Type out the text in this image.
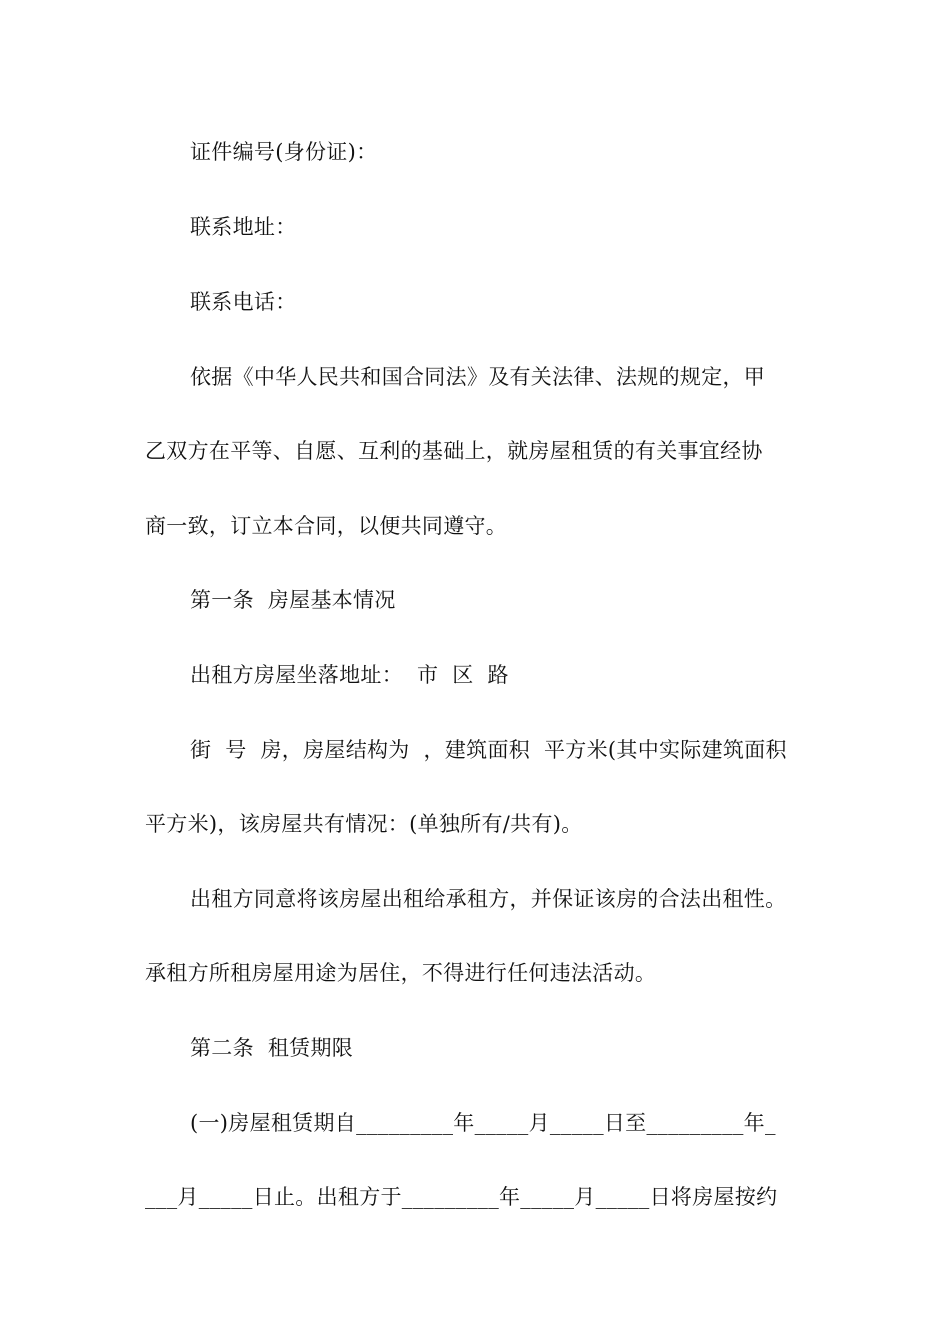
证件编号(身份证)：
联系地址：
联系电话：
依据《中华人民共和国合同法》及有关法律、法规的规定，甲
乙双方在平等、自愿、互利的基础上，就房屋租赁的有关事宜经协
商一致，订立本合同，以便共同遵守。
第一条  房屋基本情况
出租方房屋坐落地址：  市  区  路
街  号  房，房屋结构为  ，建筑面积  平方米(其中实际建筑面积
平方米)，该房屋共有情况：(单独所有/共有)。
出租方同意将该房屋出租给承租方，并保证该房的合法出租性。
承租方所租房屋用途为居住，不得进行任何违法活动。
第二条  租赁期限
(一)房屋租赁期自_________年_____月_____日至_________年_
___月_____日止。出租方于_________年_____月_____日将房屋按约
